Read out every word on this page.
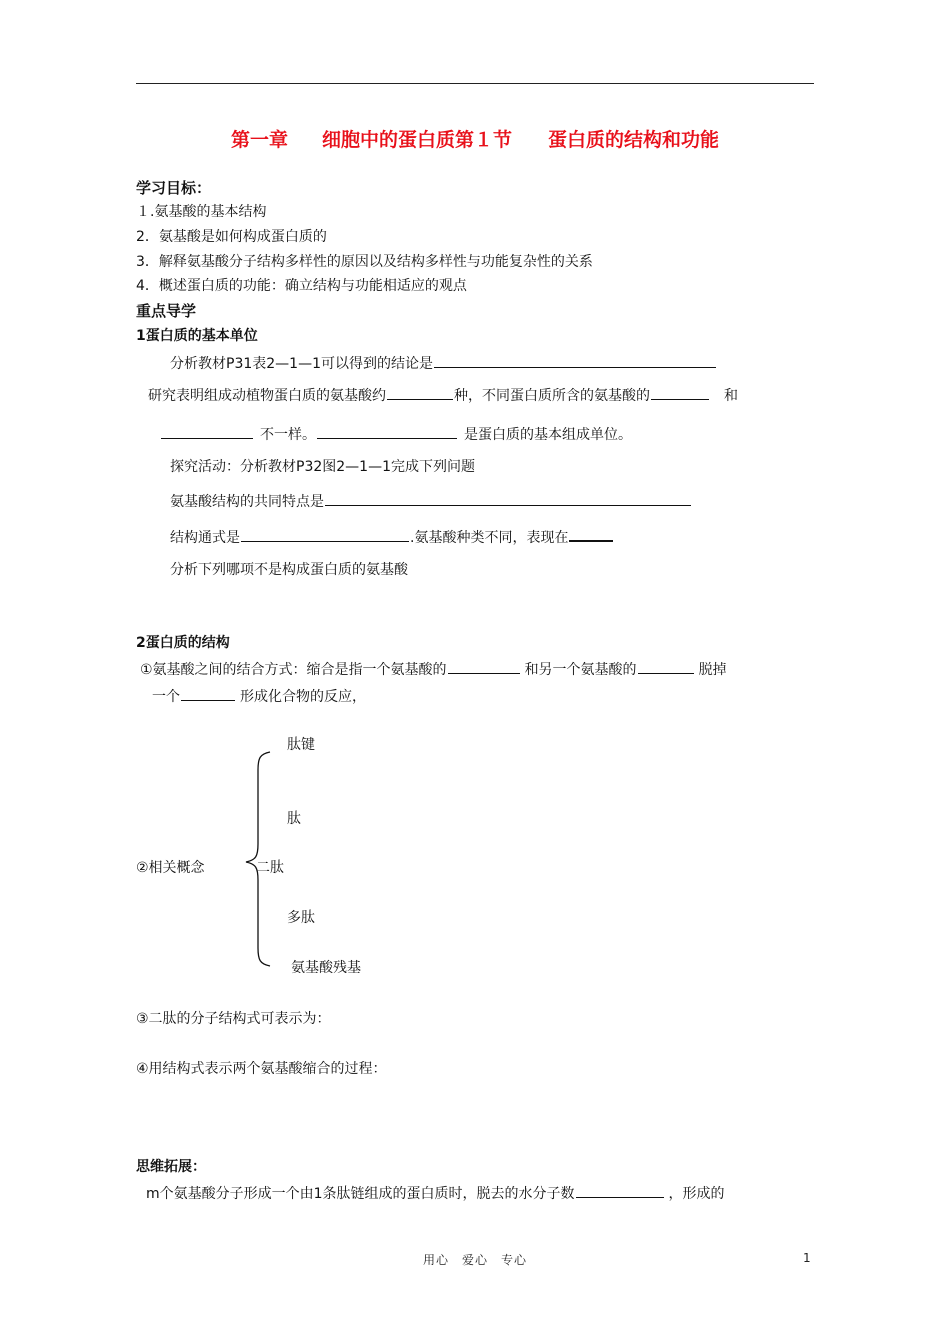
第一章 细胞中的蛋白质第１节 蛋白质的结构和功能
学习目标：
１.氨基酸的基本结构
2．氨基酸是如何构成蛋白质的
3．解释氨基酸分子结构多样性的原因以及结构多样性与功能复杂性的关系
4．概述蛋白质的功能：确立结构与功能相适应的观点
重点导学
1蛋白质的基本单位
分析教材P31表2—1—1可以得到的结论是
研究表明组成动植物蛋白质的氨基酸约	种，不同蛋白质所含的氨基酸的	和
不一样。	是蛋白质的基本组成单位。
探究活动：分析教材P32图2—1—1完成下列问题
氨基酸结构的共同特点是
结构通式是	.氨基酸种类不同，表现在
分析下列哪项不是构成蛋白质的氨基酸
2蛋白质的结构
①氨基酸之间的结合方式：缩合是指一个氨基酸的	和另一个氨基酸的	脱掉
一个	形成化合物的反应，
②相关概念
肽键
肽
二肽
多肽
氨基酸残基
③二肽的分子结构式可表示为：
④用结构式表示两个氨基酸缩合的过程：
思维拓展：
m个氨基酸分子形成一个由1条肽链组成的蛋白质时，脱去的水分子数	，形成的
用心　爱心　专心	1
